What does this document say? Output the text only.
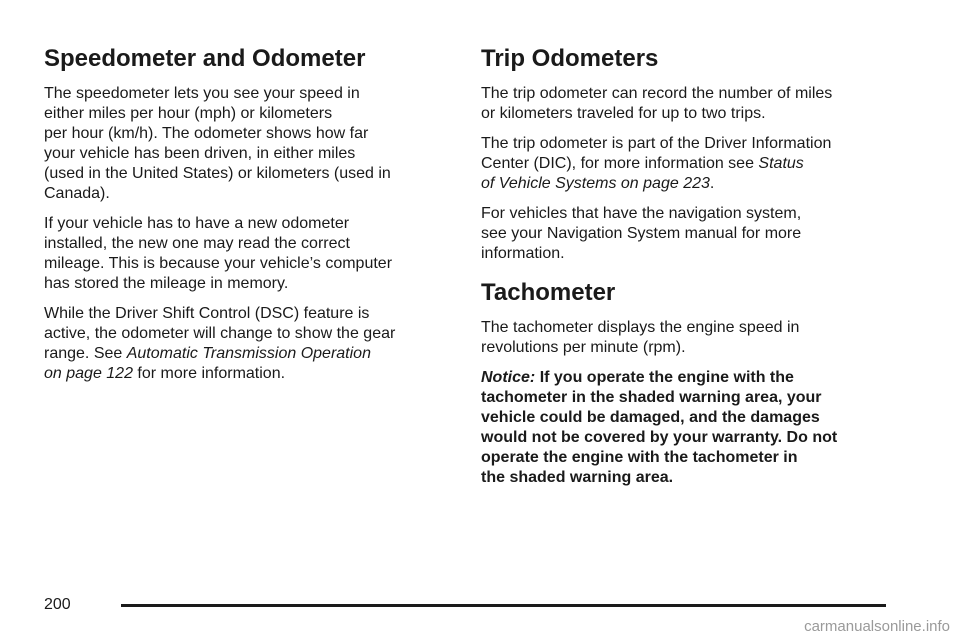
Speedometer and Odometer

The speedometer lets you see your speed in
either miles per hour (mph) or kilometers
per hour (km/h). The odometer shows how far
your vehicle has been driven, in either miles
(used in the United States) or kilometers (used in
Canada).

If your vehicle has to have a new odometer
installed, the new one may read the correct
mileage. This is because your vehicle’s computer
has stored the mileage in memory.

While the Driver Shift Control (DSC) feature is
active, the odometer will change to show the gear
range. See Automatic Transmission Operation
on page 122 for more information.

Trip Odometers

The trip odometer can record the number of miles
or kilometers traveled for up to two trips.

The trip odometer is part of the Driver Information
Center (DIC), for more information see Status
of Vehicle Systems on page 223.

For vehicles that have the navigation system,
see your Navigation System manual for more
information.

Tachometer

The tachometer displays the engine speed in
revolutions per minute (rpm).

Notice: If you operate the engine with the
tachometer in the shaded warning area, your
vehicle could be damaged, and the damages
would not be covered by your warranty. Do not
operate the engine with the tachometer in
the shaded warning area.

200
carmanualsonline.info
